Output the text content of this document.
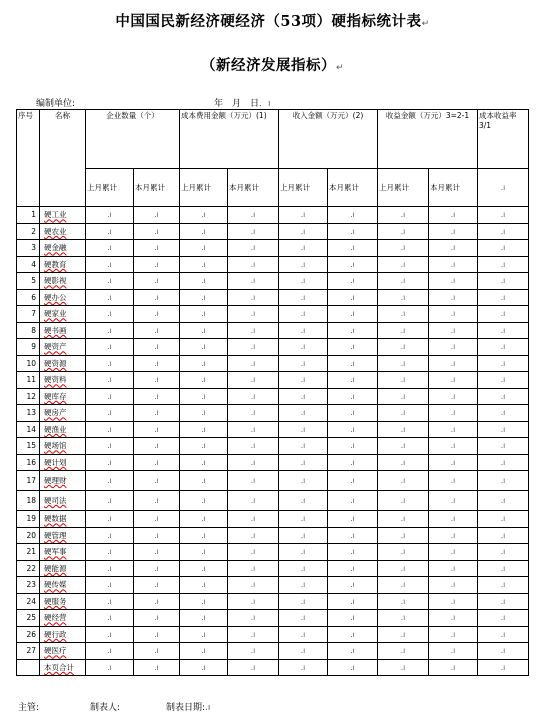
中国国民新经济硬经济（53项）硬指标统计表↵
（新经济发展指标）↵
编制单位:	年　月　日．ı
序号	名称	企业数量（个）		成本费用金额（万元）(1)		收入金额（万元）(2)		收益金额（万元）3=2-1		成本收益率3/1
		上月累计	本月累计	上月累计	本月累计	上月累计	本月累计	上月累计	本月累计	.ı
1	硬工业	.ı	.ı	.ı	.ı	.ı	.ı	.ı	.ı	.ı
2	硬农业	.ı	.ı	.ı	.ı	.ı	.ı	.ı	.ı	.ı
3	硬金融	.ı	.ı	.ı	.ı	.ı	.ı	.ı	.ı	.ı
4	硬教育	.ı	.ı	.ı	.ı	.ı	.ı	.ı	.ı	.ı
5	硬影视	.ı	.ı	.ı	.ı	.ı	.ı	.ı	.ı	.ı
6	硬办公	.ı	.ı	.ı	.ı	.ı	.ı	.ı	.ı	.ı
7	硬家业	.ı	.ı	.ı	.ı	.ı	.ı	.ı	.ı	.ı
8	硬书画	.ı	.ı	.ı	.ı	.ı	.ı	.ı	.ı	.ı
9	硬资产	.ı	.ı	.ı	.ı	.ı	.ı	.ı	.ı	.ı
10	硬资源	.ı	.ı	.ı	.ı	.ı	.ı	.ı	.ı	.ı
11	硬资料	.ı	.ı	.ı	.ı	.ı	.ı	.ı	.ı	.ı
12	硬库存	.ı	.ı	.ı	.ı	.ı	.ı	.ı	.ı	.ı
13	硬房产	.ı	.ı	.ı	.ı	.ı	.ı	.ı	.ı	.ı
14	硬渔业	.ı	.ı	.ı	.ı	.ı	.ı	.ı	.ı	.ı
15	硬场馆	.ı	.ı	.ı	.ı	.ı	.ı	.ı	.ı	.ı
16	硬计划	.ı	.ı	.ı	.ı	.ı	.ı	.ı	.ı	.ı
17	硬理财	.ı	.ı	.ı	.ı	.ı	.ı	.ı	.ı	.ı
18	硬司法	.ı	.ı	.ı	.ı	.ı	.ı	.ı	.ı	.ı
19	硬数据	.ı	.ı	.ı	.ı	.ı	.ı	.ı	.ı	.ı
20	硬管理	.ı	.ı	.ı	.ı	.ı	.ı	.ı	.ı	.ı
21	硬军事	.ı	.ı	.ı	.ı	.ı	.ı	.ı	.ı	.ı
22	硬能源	.ı	.ı	.ı	.ı	.ı	.ı	.ı	.ı	.ı
23	硬传媒	.ı	.ı	.ı	.ı	.ı	.ı	.ı	.ı	.ı
24	硬服务	.ı	.ı	.ı	.ı	.ı	.ı	.ı	.ı	.ı
25	硬经营	.ı	.ı	.ı	.ı	.ı	.ı	.ı	.ı	.ı
26	硬行政	.ı	.ı	.ı	.ı	.ı	.ı	.ı	.ı	.ı
27	硬医疗	.ı	.ı	.ı	.ı	.ı	.ı	.ı	.ı	.ı
	本页合计	.ı	.ı	.ı	.ı	.ı	.ı	.ı	.ı	.ı
主管:	制表人:	制表日期:.ı
